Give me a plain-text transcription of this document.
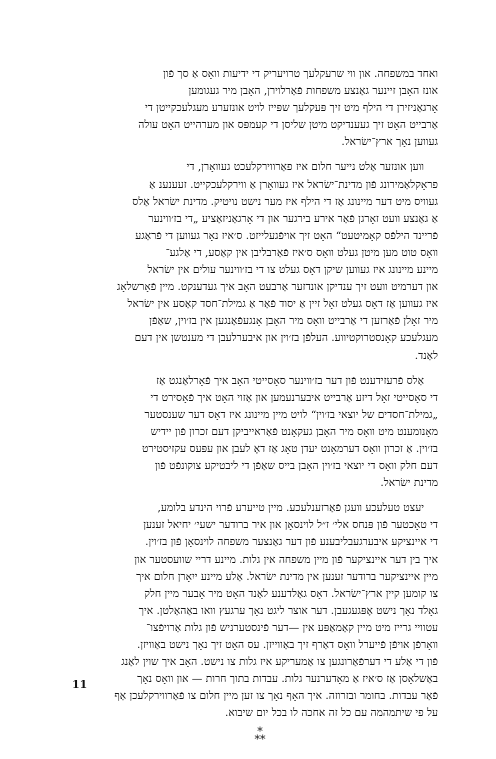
ואחד במשפחה. און ווי שרעקלעך טרויעריק די ידיעות וואָס אַ סך פֿון
אונז האָבן זיינער גאַנצע משפחות פֿאַרלוירן, האָבן מיר געגומען
אָרגאַניזירן די הילף מיט זיך פּעקלעך שפּייז לויט אונזערע מעגלעכקייטן די
אַרבייט האָט זיך געענדיקט מיטן שליסן די קעמפּס און מערהייט האָט עולה
געווען נאָך ארץ־ישׂראל.
ווען אונזער אַלט נייער חלום איז פאַרווירקלעכט געוואָרן, די
פראָקלאַמירונג פֿון מדינת־ישׂראל איז געוואָרן אַ ווירקלעכקייט. זעענענ אַ
געוויס מיט דער מיינונג אַז די הילף איז מער נישט נויטיק. מדינת ישׂראל אַלס
אַ גאַנצע וועט זאָרגן פֿאַר אירע בירגער און די אָרגאַניזאַציע „די בז׳ווינער
פֿריינד הילפֿס קאָמיטעט“ האָט זיך אויפֿגעלייזט. ס׳איז נאָר געווען די פֿראַגע
וואָס טוט מען מיטן געלט וואָס ס׳איז פֿאַרבליבן אין קאַסע, די אַלגע־
מיינע מיינונג איז געווען שיקן דאָס געלט צו די בז׳ווינער עולים אין ישׂראל
און דערמיט וועט זיך ענדיקן אונדזער אַרבעט האָב איך געדענקט. מיין פֿאָרשלאָג
איז געווען אַז דאָס געלט זאָל זיין אַ יסוד פֿאַר אַ גמילת־חסד קאַסע אין ישׂראל
מיר זאָלן פֿאַרזען די אַרבייט וואָס מיר האָבן אָנגעפֿאַנגען אין בז׳וין, שאַפֿן
מעגלעכע קאָנסטרוקטיווע. העלפֿן בז׳וין און איבערלעבן די מענטשן אין דעם
לאַנד.
אַלס פֿרעזידענט פֿון דער בז׳ווינער סאָסייטי האָב איך פֿאָרלאַנגט אַז
די סאָסייטי זאָל דיזע אַרבייט איבערנעמען און אַזוי האָט איך פֿאָסירט די
„גמילת־חסדים של יוצאי בז׳וין“ לויט מיין מיינונג איז דאָס דער שענסטער
מאָנומענט מיט וואָס מיר האָבן געקאָנט פֿאַראייביקן דעם זכרון פֿון יידיש
בז׳וין. אַ זכרון וואָס דערמאָנט יעדן טאָג אַז דאָ לעבן און עפּעס עקזיסטירט
דעם חלק וואָס די יוצאי בז׳וין האָבן בייס שאַפֿן די ליבטיקע צוקונפֿט פֿון
מדינת ישׂראל.
יעצט טעלעכע וועגן פֿאַרזענלעכע. מיין טייערע פֿרוי הינדע בלומע,
די טאָכטער פֿון פּנחס אלי׳ ז״ל לוינסאָן און איר ברודער ישעי׳ יחיאל זענען
די איינציקע איבערגעבליבענע פֿון דער גאַנצער משפחה לוינסאָן פֿון בז׳וין.
איך בין דער איינציקער פֿון מיין משפחה אין גלות. מיינע דריי שוועסטער און
מיין איינציקער ברודער זענען אין מדינת ישׂראל. אַלע מיינע ייִאָרן חלום איך
צו קומען קיין ארץ־ישׂראל. דאָס גאַלדענע לאַנד האָט מיר אָבער מיין חלק
גאָלד נאָך נישט אָפּגעגעבן. דער אוצר ליגט נאָך ערגעץ וואו באַהאַלטן. איך
עטוויי גרייז מיט מיין קאַמאַפּע אין —דער פֿינסטערניש פֿון גלות אַרויפֿצו־
וואָרפֿן אויפֿן פֿייערל וואָס דאַרף זיך באַווייזן. עס האָט זיך נאָך נישט באַוויזן.
פֿון די אַלע די דערפֿאַרונגען צו אַמעריקע איז גלות צו נישט. האָב איך שוין לאַנג
באַשלאָסן אַז ס׳איז אַ מאָדערנער גלות. עבדות בתוך חרות — און וואָס נאָך
פֿאַר עבדות. בחומר ובזרוזה. איך האָף נאָך צו זען מיין חלום צו פֿאַרווירקלעכן אַף
על פי שיתמהמה עם כל זה אחכה לו בכל יום שיבוא.
*
**
11
